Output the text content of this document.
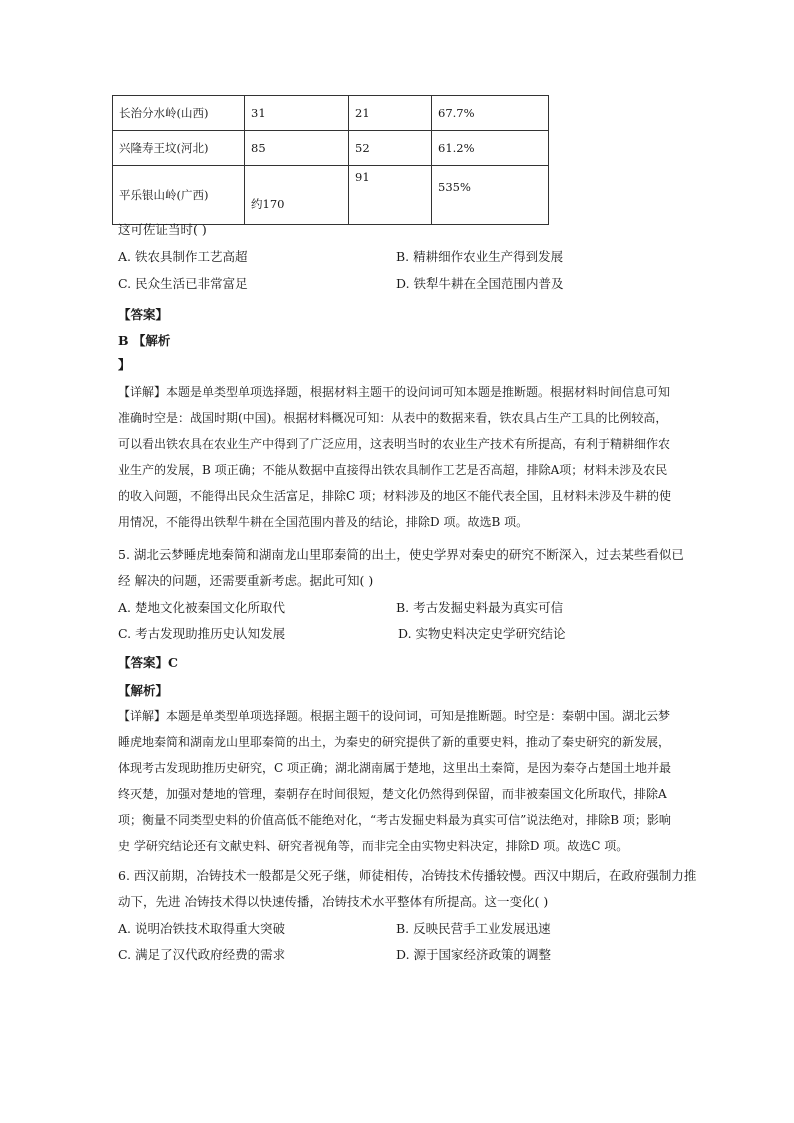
长治分水岭(山西)	31	21	67.7%
兴隆寿王坟(河北)	85	52	61.2%
平乐银山岭(广西)	约170	91	535%
这可佐证当时( )
A. 铁农具制作工艺高超	B. 精耕细作农业生产得到发展
C. 民众生活已非常富足	D. 铁犁牛耕在全国范围内普及
【答案】
B 【解析
】
【详解】本题是单类型单项选择题，根据材料主题干的设问词可知本题是推断题。根据材料时间信息可知
准确时空是：战国时期(中国)。根据材料概况可知：从表中的数据来看，铁农具占生产工具的比例较高，
可以看出铁农具在农业生产中得到了广泛应用，这表明当时的农业生产技术有所提高，有利于精耕细作农
业生产的发展，B 项正确；不能从数据中直接得出铁农具制作工艺是否高超，排除A项；材料未涉及农民
的收入问题，不能得出民众生活富足，排除C 项；材料涉及的地区不能代表全国，且材料未涉及牛耕的使
用情况，不能得出铁犁牛耕在全国范围内普及的结论，排除D 项。故选B 项。
5. 湖北云梦睡虎地秦简和湖南龙山里耶秦简的出土，使史学界对秦史的研究不断深入，过去某些看似已
经 解决的问题，还需要重新考虑。据此可知( )
A. 楚地文化被秦国文化所取代	B. 考古发掘史料最为真实可信
C. 考古发现助推历史认知发展	D. 实物史料决定史学研究结论
【答案】C
【解析】
【详解】本题是单类型单项选择题。根据主题干的设问词，可知是推断题。时空是：秦朝中国。湖北云梦
睡虎地秦简和湖南龙山里耶秦简的出土，为秦史的研究提供了新的重要史料，推动了秦史研究的新发展，
体现考古发现助推历史研究，C 项正确；湖北湖南属于楚地，这里出土秦简，是因为秦夺占楚国土地并最
终灭楚，加强对楚地的管理，秦朝存在时间很短，楚文化仍然得到保留，而非被秦国文化所取代，排除A
项；衡量不同类型史料的价值高低不能绝对化，“考古发掘史料最为真实可信”说法绝对，排除B 项；影响
史 学研究结论还有文献史料、研究者视角等，而非完全由实物史料决定，排除D 项。故选C 项。
6. 西汉前期，冶铸技术一般都是父死子继，师徒相传，冶铸技术传播较慢。西汉中期后，在政府强制力推
动下，先进 冶铸技术得以快速传播，冶铸技术水平整体有所提高。这一变化( )
A. 说明冶铁技术取得重大突破	B. 反映民营手工业发展迅速
C. 满足了汉代政府经费的需求	D. 源于国家经济政策的调整
